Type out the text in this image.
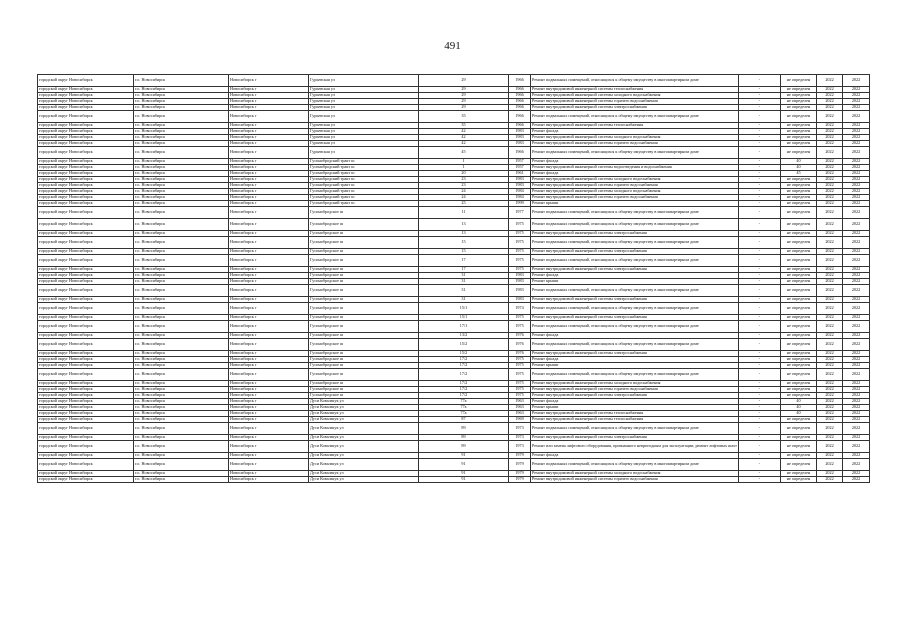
491
городской округ Новосибирск	г.о. Новосибирск	Новосибирск г	Гурьевская ул	29	1966	Ремонт подвальных помещений, относящихся к общему имуществу в многоквартирном доме	-	не определен	2022	2022
городской округ Новосибирск	г.о. Новосибирск	Новосибирск г	Гурьевская ул	29	1966	Ремонт внутридомовой инженерной системы теплоснабжения	-	не определен	2022	2022
городской округ Новосибирск	г.о. Новосибирск	Новосибирск г	Гурьевская ул	29	1966	Ремонт внутридомовой инженерной системы холодного водоснабжения	-	не определен	2022	2022
городской округ Новосибирск	г.о. Новосибирск	Новосибирск г	Гурьевская ул	29	1966	Ремонт внутридомовой инженерной системы горячего водоснабжения	-	не определен	2022	2022
городской округ Новосибирск	г.о. Новосибирск	Новосибирск г	Гурьевская ул	29	1966	Ремонт внутридомовой инженерной системы электроснабжения	-	не определен	2022	2022
городской округ Новосибирск	г.о. Новосибирск	Новосибирск г	Гурьевская ул	35	1966	Ремонт подвальных помещений, относящихся к общему имуществу в многоквартирном доме	-	не определен	2022	2022
городской округ Новосибирск	г.о. Новосибирск	Новосибирск г	Гурьевская ул	35	1966	Ремонт внутридомовой инженерной системы теплоснабжения	-	не определен	2022	2022
городской округ Новосибирск	г.о. Новосибирск	Новосибирск г	Гурьевская ул	42	1983	Ремонт фасада	-	не определен	2022	2022
городской округ Новосибирск	г.о. Новосибирск	Новосибирск г	Гурьевская ул	42	1983	Ремонт внутридомовой инженерной системы холодного водоснабжения	-	не определен	2022	2022
городской округ Новосибирск	г.о. Новосибирск	Новосибирск г	Гурьевская ул	42	1983	Ремонт внутридомовой инженерной системы горячего водоснабжения	-	не определен	2022	2022
городской округ Новосибирск	г.о. Новосибирск	Новосибирск г	Гурьевская ул	45	1966	Ремонт подвальных помещений, относящихся к общему имуществу в многоквартирном доме	-	не определен	2022	2022
городской округ Новосибирск	г.о. Новосибирск	Новосибирск г	Гусинобродский тракт ш	1	1957	Ремонт фасада	-	40	2022	2022
городской округ Новосибирск	г.о. Новосибирск	Новосибирск г	Гусинобродский тракт ш	1	1957	Ремонт внутридомовой инженерной системы водоотведения и водоснабжения	-	40	2022	2022
городской округ Новосибирск	г.о. Новосибирск	Новосибирск г	Гусинобродский тракт ш	20	1961	Ремонт фасада	-	45	2022	2022
городской округ Новосибирск	г.о. Новосибирск	Новосибирск г	Гусинобродский тракт ш	23	1983	Ремонт внутридомовой инженерной системы холодного водоснабжения	-	не определен	2022	2022
городской округ Новосибирск	г.о. Новосибирск	Новосибирск г	Гусинобродский тракт ш	23	1983	Ремонт внутридомовой инженерной системы горячего водоснабжения	-	не определен	2022	2022
городской округ Новосибирск	г.о. Новосибирск	Новосибирск г	Гусинобродский тракт ш	24	1984	Ремонт внутридомовой инженерной системы холодного водоснабжения	-	не определен	2022	2022
городской округ Новосибирск	г.о. Новосибирск	Новосибирск г	Гусинобродский тракт ш	24	1984	Ремонт внутридомовой инженерной системы горячего водоснабжения	-	не определен	2022	2022
городской округ Новосибирск	г.о. Новосибирск	Новосибирск г	Гусинобродский тракт ш	25	1999	Ремонт крыши	-	не определен	2022	2022
городской округ Новосибирск	г.о. Новосибирск	Новосибирск г	Гусинобродское ш	11	1977	Ремонт подвальных помещений, относящихся к общему имуществу в многоквартирном доме	-	не определен	2022	2022
городской округ Новосибирск	г.о. Новосибирск	Новосибирск г	Гусинобродское ш	13	1975	Ремонт подвальных помещений, относящихся к общему имуществу в многоквартирном доме	-	не определен	2022	2022
городской округ Новосибирск	г.о. Новосибирск	Новосибирск г	Гусинобродское ш	13	1975	Ремонт внутридомовой инженерной системы электроснабжения	-	не определен	2022	2022
городской округ Новосибирск	г.о. Новосибирск	Новосибирск г	Гусинобродское ш	15	1975	Ремонт подвальных помещений, относящихся к общему имуществу в многоквартирном доме	-	не определен	2022	2022
городской округ Новосибирск	г.о. Новосибирск	Новосибирск г	Гусинобродское ш	15	1975	Ремонт внутридомовой инженерной системы электроснабжения	-	не определен	2022	2022
городской округ Новосибирск	г.о. Новосибирск	Новосибирск г	Гусинобродское ш	17	1975	Ремонт подвальных помещений, относящихся к общему имуществу в многоквартирном доме	-	не определен	2022	2022
городской округ Новосибирск	г.о. Новосибирск	Новосибирск г	Гусинобродское ш	17	1975	Ремонт внутридомовой инженерной системы электроснабжения	-	не определен	2022	2022
городской округ Новосибирск	г.о. Новосибирск	Новосибирск г	Гусинобродское ш	31	1983	Ремонт фасада	-	не определен	2022	2022
городской округ Новосибирск	г.о. Новосибирск	Новосибирск г	Гусинобродское ш	31	1983	Ремонт крыши	-	не определен	2022	2022
городской округ Новосибирск	г.о. Новосибирск	Новосибирск г	Гусинобродское ш	31	1983	Ремонт подвальных помещений, относящихся к общему имуществу в многоквартирном доме	-	не определен	2022	2022
городской округ Новосибирск	г.о. Новосибирск	Новосибирск г	Гусинобродское ш	31	1983	Ремонт внутридомовой инженерной системы электроснабжения	-	не определен	2022	2022
городской округ Новосибирск	г.о. Новосибирск	Новосибирск г	Гусинобродское ш	15/1	1974	Ремонт подвальных помещений, относящихся к общему имуществу в многоквартирном доме	-	не определен	2022	2022
городской округ Новосибирск	г.о. Новосибирск	Новосибирск г	Гусинобродское ш	15/1	1975	Ремонт внутридомовой инженерной системы электроснабжения	-	не определен	2022	2022
городской округ Новосибирск	г.о. Новосибирск	Новосибирск г	Гусинобродское ш	17/1	1975	Ремонт подвальных помещений, относящихся к общему имуществу в многоквартирном доме	-	не определен	2022	2022
городской округ Новосибирск	г.о. Новосибирск	Новосибирск г	Гусинобродское ш	13/2	1976	Ремонт фасада	-	не определен	2022	2022
городской округ Новосибирск	г.о. Новосибирск	Новосибирск г	Гусинобродское ш	15/2	1976	Ремонт подвальных помещений, относящихся к общему имуществу в многоквартирном доме	-	не определен	2022	2022
городской округ Новосибирск	г.о. Новосибирск	Новосибирск г	Гусинобродское ш	15/2	1976	Ремонт внутридомовой инженерной системы электроснабжения	-	не определен	2022	2022
городской округ Новосибирск	г.о. Новосибирск	Новосибирск г	Гусинобродское ш	17/2	1975	Ремонт фасада	-	не определен	2022	2022
городской округ Новосибирск	г.о. Новосибирск	Новосибирск г	Гусинобродское ш	17/2	1975	Ремонт крыши	-	не определен	2022	2022
городской округ Новосибирск	г.о. Новосибирск	Новосибирск г	Гусинобродское ш	17/2	1975	Ремонт подвальных помещений, относящихся к общему имуществу в многоквартирном доме	-	не определен	2022	2022
городской округ Новосибирск	г.о. Новосибирск	Новосибирск г	Гусинобродское ш	17/2	1975	Ремонт внутридомовой инженерной системы холодного водоснабжения	-	не определен	2022	2022
городской округ Новосибирск	г.о. Новосибирск	Новосибирск г	Гусинобродское ш	17/2	1975	Ремонт внутридомовой инженерной системы горячего водоснабжения	-	не определен	2022	2022
городской округ Новосибирск	г.о. Новосибирск	Новосибирск г	Гусинобродское ш	17/2	1975	Ремонт внутридомовой инженерной системы электроснабжения	-	не определен	2022	2022
городской округ Новосибирск	г.о. Новосибирск	Новосибирск г	Дуси Ковальчук ул	77а	1963	Ремонт фасада	-	40	2022	2022
городской округ Новосибирск	г.о. Новосибирск	Новосибирск г	Дуси Ковальчук ул	77а	1963	Ремонт крыши	-	40	2022	2022
городской округ Новосибирск	г.о. Новосибирск	Новосибирск г	Дуси Ковальчук ул	77а	1963	Ремонт внутридомовой инженерной системы теплоснабжения	-	40	2022	2022
городской округ Новосибирск	г.о. Новосибирск	Новосибирск г	Дуси Ковальчук ул	87	1969	Ремонт внутридомовой инженерной системы теплоснабжения	-	не определен	2022	2022
городской округ Новосибирск	г.о. Новосибирск	Новосибирск г	Дуси Ковальчук ул	89	1973	Ремонт подвальных помещений, относящихся к общему имуществу в многоквартирном доме	-	не определен	2022	2022
городской округ Новосибирск	г.о. Новосибирск	Новосибирск г	Дуси Ковальчук ул	89	1973	Ремонт внутридомовой инженерной системы электроснабжения	-	не определен	2022	2022
городской округ Новосибирск	г.о. Новосибирск	Новосибирск г	Дуси Ковальчук ул	89	1973	Ремонт или замена лифтового оборудования, признанного непригодным для эксплуатации, ремонт лифтовых шахт	-	не определен	2022	2022
городской округ Новосибирск	г.о. Новосибирск	Новосибирск г	Дуси Ковальчук ул	91	1979	Ремонт фасада	-	не определен	2022	2022
городской округ Новосибирск	г.о. Новосибирск	Новосибирск г	Дуси Ковальчук ул	91	1979	Ремонт подвальных помещений, относящихся к общему имуществу в многоквартирном доме	-	не определен	2022	2022
городской округ Новосибирск	г.о. Новосибирск	Новосибирск г	Дуси Ковальчук ул	91	1979	Ремонт внутридомовой инженерной системы холодного водоснабжения	-	не определен	2022	2022
городской округ Новосибирск	г.о. Новосибирск	Новосибирск г	Дуси Ковальчук ул	91	1979	Ремонт внутридомовой инженерной системы горячего водоснабжения	-	не определен	2022	2022
